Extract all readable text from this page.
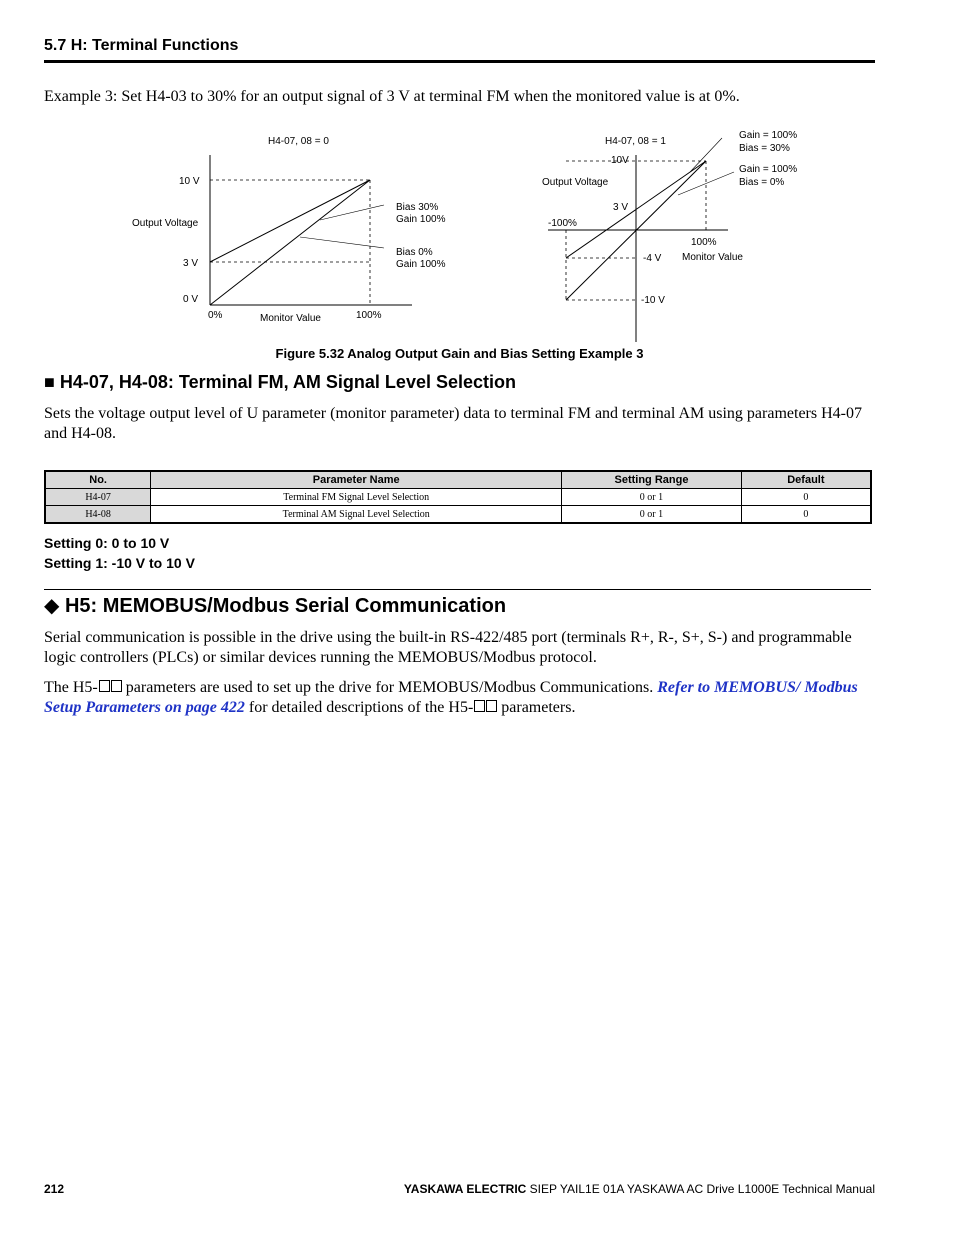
5.7 H: Terminal Functions
Example 3: Set H4-03 to 30% for an output signal of 3 V at terminal FM when the monitored value is at 0%.
H4-07, 08 = 0
10 V
3 V
0 V
Output Voltage
0%	100%
Monitor Value
Bias 30%
Gain 100%
Bias 0%
Gain 100%
H4-07, 08 = 1
10V
Output Voltage
3 V
-100%
100%
Monitor Value
-4 V
-10 V
Gain = 100%
Bias = 30%
Gain = 100%
Bias = 0%
Figure 5.32 Analog Output Gain and Bias Setting Example 3
■ H4-07, H4-08: Terminal FM, AM Signal Level Selection
Sets the voltage output level of U parameter (monitor parameter) data to terminal FM and terminal AM using parameters H4-07 and H4-08.
No.	Parameter Name	Setting Range	Default
H4-07	Terminal FM Signal Level Selection	0 or 1	0
H4-08	Terminal AM Signal Level Selection	0 or 1	0
Setting 0: 0 to 10 V
Setting 1: -10 V to 10 V
◆ H5: MEMOBUS/Modbus Serial Communication
Serial communication is possible in the drive using the built-in RS-422/485 port (terminals R+, R-, S+, S-) and programmable logic controllers (PLCs) or similar devices running the MEMOBUS/Modbus protocol.
The H5- parameters are used to set up the drive for MEMOBUS/Modbus Communications. Refer to MEMOBUS/ Modbus Setup Parameters on page 422 for detailed descriptions of the H5- parameters.
212	YASKAWA ELECTRIC SIEP YAIL1E 01A YASKAWA AC Drive L1000E Technical Manual
